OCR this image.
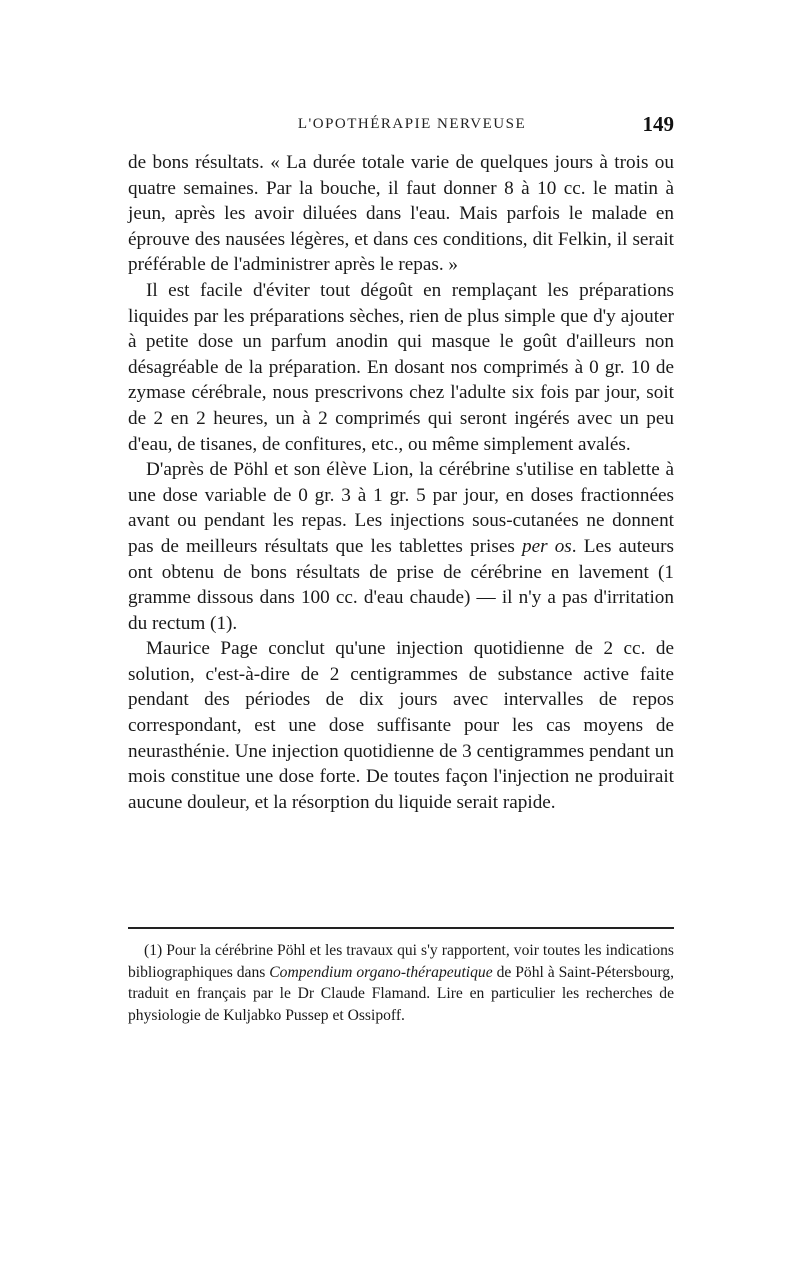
L'OPOTHÉRAPIE NERVEUSE	149

de bons résultats. « La durée totale varie de quelques jours à trois ou quatre semaines. Par la bouche, il faut donner 8 à 10 cc. le matin à jeun, après les avoir diluées dans l'eau. Mais parfois le malade en éprouve des nausées légères, et dans ces conditions, dit Felkin, il serait préférable de l'administrer après le repas. »

Il est facile d'éviter tout dégoût en remplaçant les préparations liquides par les préparations sèches, rien de plus simple que d'y ajouter à petite dose un parfum anodin qui masque le goût d'ailleurs non désagréable de la préparation. En dosant nos comprimés à 0 gr. 10 de zymase cérébrale, nous prescrivons chez l'adulte six fois par jour, soit de 2 en 2 heures, un à 2 comprimés qui seront ingérés avec un peu d'eau, de tisanes, de confitures, etc., ou même simplement avalés.

D'après de Pöhl et son élève Lion, la cérébrine s'utilise en tablette à une dose variable de 0 gr. 3 à 1 gr. 5 par jour, en doses fractionnées avant ou pendant les repas. Les injections sous-cutanées ne donnent pas de meilleurs résultats que les tablettes prises per os. Les auteurs ont obtenu de bons résultats de prise de cérébrine en lavement (1 gramme dissous dans 100 cc. d'eau chaude) — il n'y a pas d'irritation du rectum (1).

Maurice Page conclut qu'une injection quotidienne de 2 cc. de solution, c'est-à-dire de 2 centigrammes de substance active faite pendant des périodes de dix jours avec intervalles de repos correspondant, est une dose suffisante pour les cas moyens de neurasthénie. Une injection quotidienne de 3 centigrammes pendant un mois constitue une dose forte. De toutes façon l'injection ne produirait aucune douleur, et la résorption du liquide serait rapide.

(1) Pour la cérébrine Pöhl et les travaux qui s'y rapportent, voir toutes les indications bibliographiques dans Compendium organo-thérapeutique de Pöhl à Saint-Pétersbourg, traduit en français par le Dr Claude Flamand. Lire en particulier les recherches de physiologie de Kuljabko Pussep et Ossipoff.
